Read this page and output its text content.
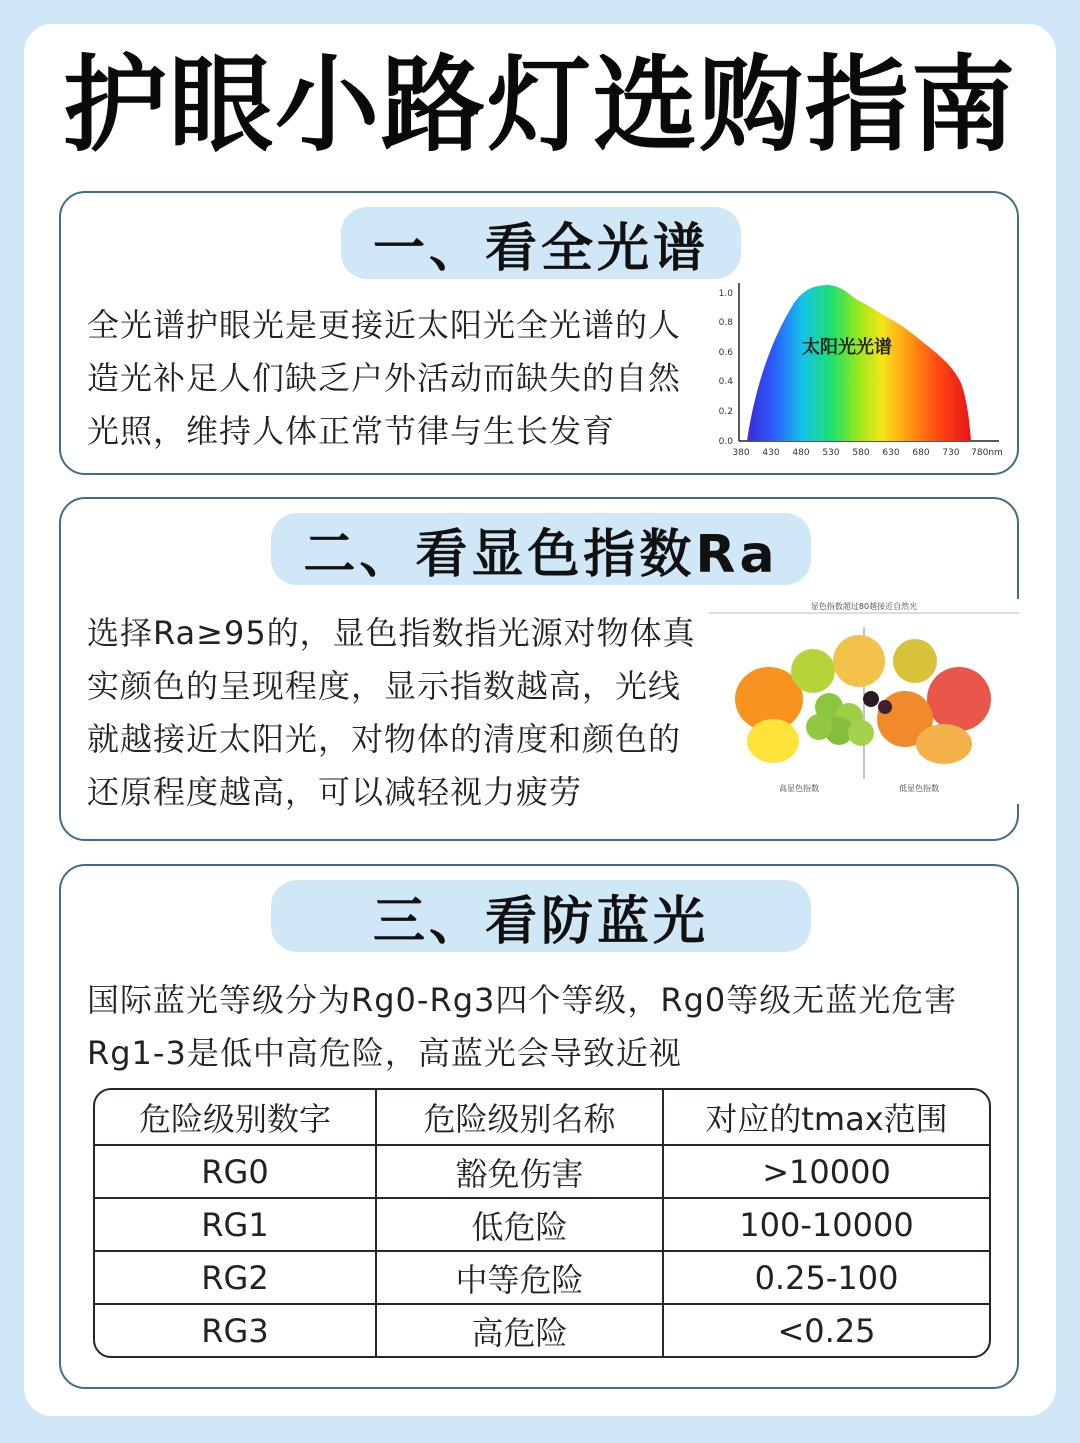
护眼小路灯选购指南
一、看全光谱
全光谱护眼光是更接近太阳光全光谱的人造光补足人们缺乏户外活动而缺失的自然光照，维持人体正常节律与生长发育
太阳光光谱
1.0
0.8
0.6
0.4
0.2
0.0
380 430 480 530 580 630 680 730 780nm
二、看显色指数Ra
选择Ra≥95的，显色指数指光源对物体真实颜色的呈现程度，显示指数越高，光线就越接近太阳光，对物体的清度和颜色的还原程度越高，可以减轻视力疲劳
显色指数超过80越接近自然光
高显色指数	低显色指数
三、看防蓝光
国际蓝光等级分为Rg0-Rg3四个等级，Rg0等级无蓝光危害Rg1-3是低中高危险，高蓝光会导致近视
危险级别数字	危险级别名称	对应的tmax范围
RG0	豁免伤害	>10000
RG1	低危险	100-10000
RG2	中等危险	0.25-100
RG3	高危险	<0.25
